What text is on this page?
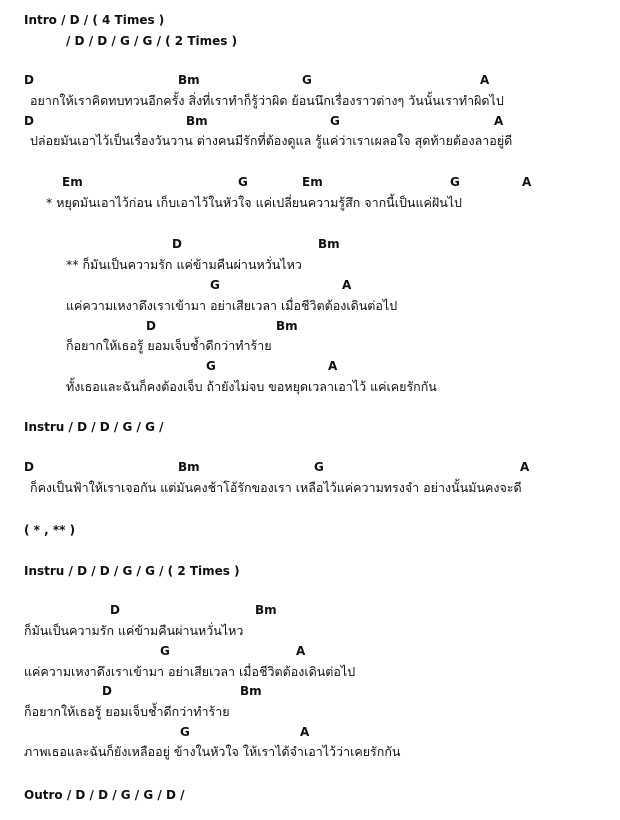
Intro / D / ( 4 Times )
/ D / D / G / G / ( 2 Times )
D	Bm	G	A
อยากให้เราคิดทบทวนอีกครั้ง สิ่งที่เราทำก็รู้ว่าผิด ย้อนนึกเรื่องราวต่างๆ วันนั้นเราทำผิดไป
D	Bm	G	A
ปล่อยมันเอาไว้เป็นเรื่องวันวาน ต่างคนมีรักที่ต้องดูแล รู้แค่ว่าเราเผลอใจ สุดท้ายต้องลาอยู่ดี
Em	G	Em	G	A
* หยุดมันเอาไว้ก่อน เก็บเอาไว้ในหัวใจ แค่เปลี่ยนความรู้สึก จากนี้เป็นแค่ฝันไป
D	Bm
** ก็มันเป็นความรัก แค่ข้ามคืนผ่านหวั่นไหว
G	A
แค่ความเหงาดึงเราเข้ามา อย่าเสียเวลา เมื่อชีวิตต้องเดินต่อไป
D	Bm
ก็อยากให้เธอรู้ ยอมเจ็บช้ำดีกว่าทำร้าย
G	A
ทั้งเธอและฉันก็คงต้องเจ็บ ถ้ายังไม่จบ ขอหยุดเวลาเอาไว้ แค่เคยรักกัน
Instru / D / D / G / G /
D	Bm	G	A
ก็คงเป็นฟ้าให้เราเจอกัน แต่มันคงช้าโอ้รักของเรา เหลือไว้แค่ความทรงจำ อย่างนั้นมันคงจะดี
( * , ** )
Instru / D / D / G / G / ( 2 Times )
D	Bm
ก็มันเป็นความรัก แค่ข้ามคืนผ่านหวั่นไหว
G	A
แค่ความเหงาดึงเราเข้ามา อย่าเสียเวลา เมื่อชีวิตต้องเดินต่อไป
D	Bm
ก็อยากให้เธอรู้ ยอมเจ็บช้ำดีกว่าทำร้าย
G	A
ภาพเธอและฉันก็ยังเหลืออยู่ ข้างในหัวใจ ให้เราได้จำเอาไว้ว่าเคยรักกัน
Outro / D / D / G / G / D /
